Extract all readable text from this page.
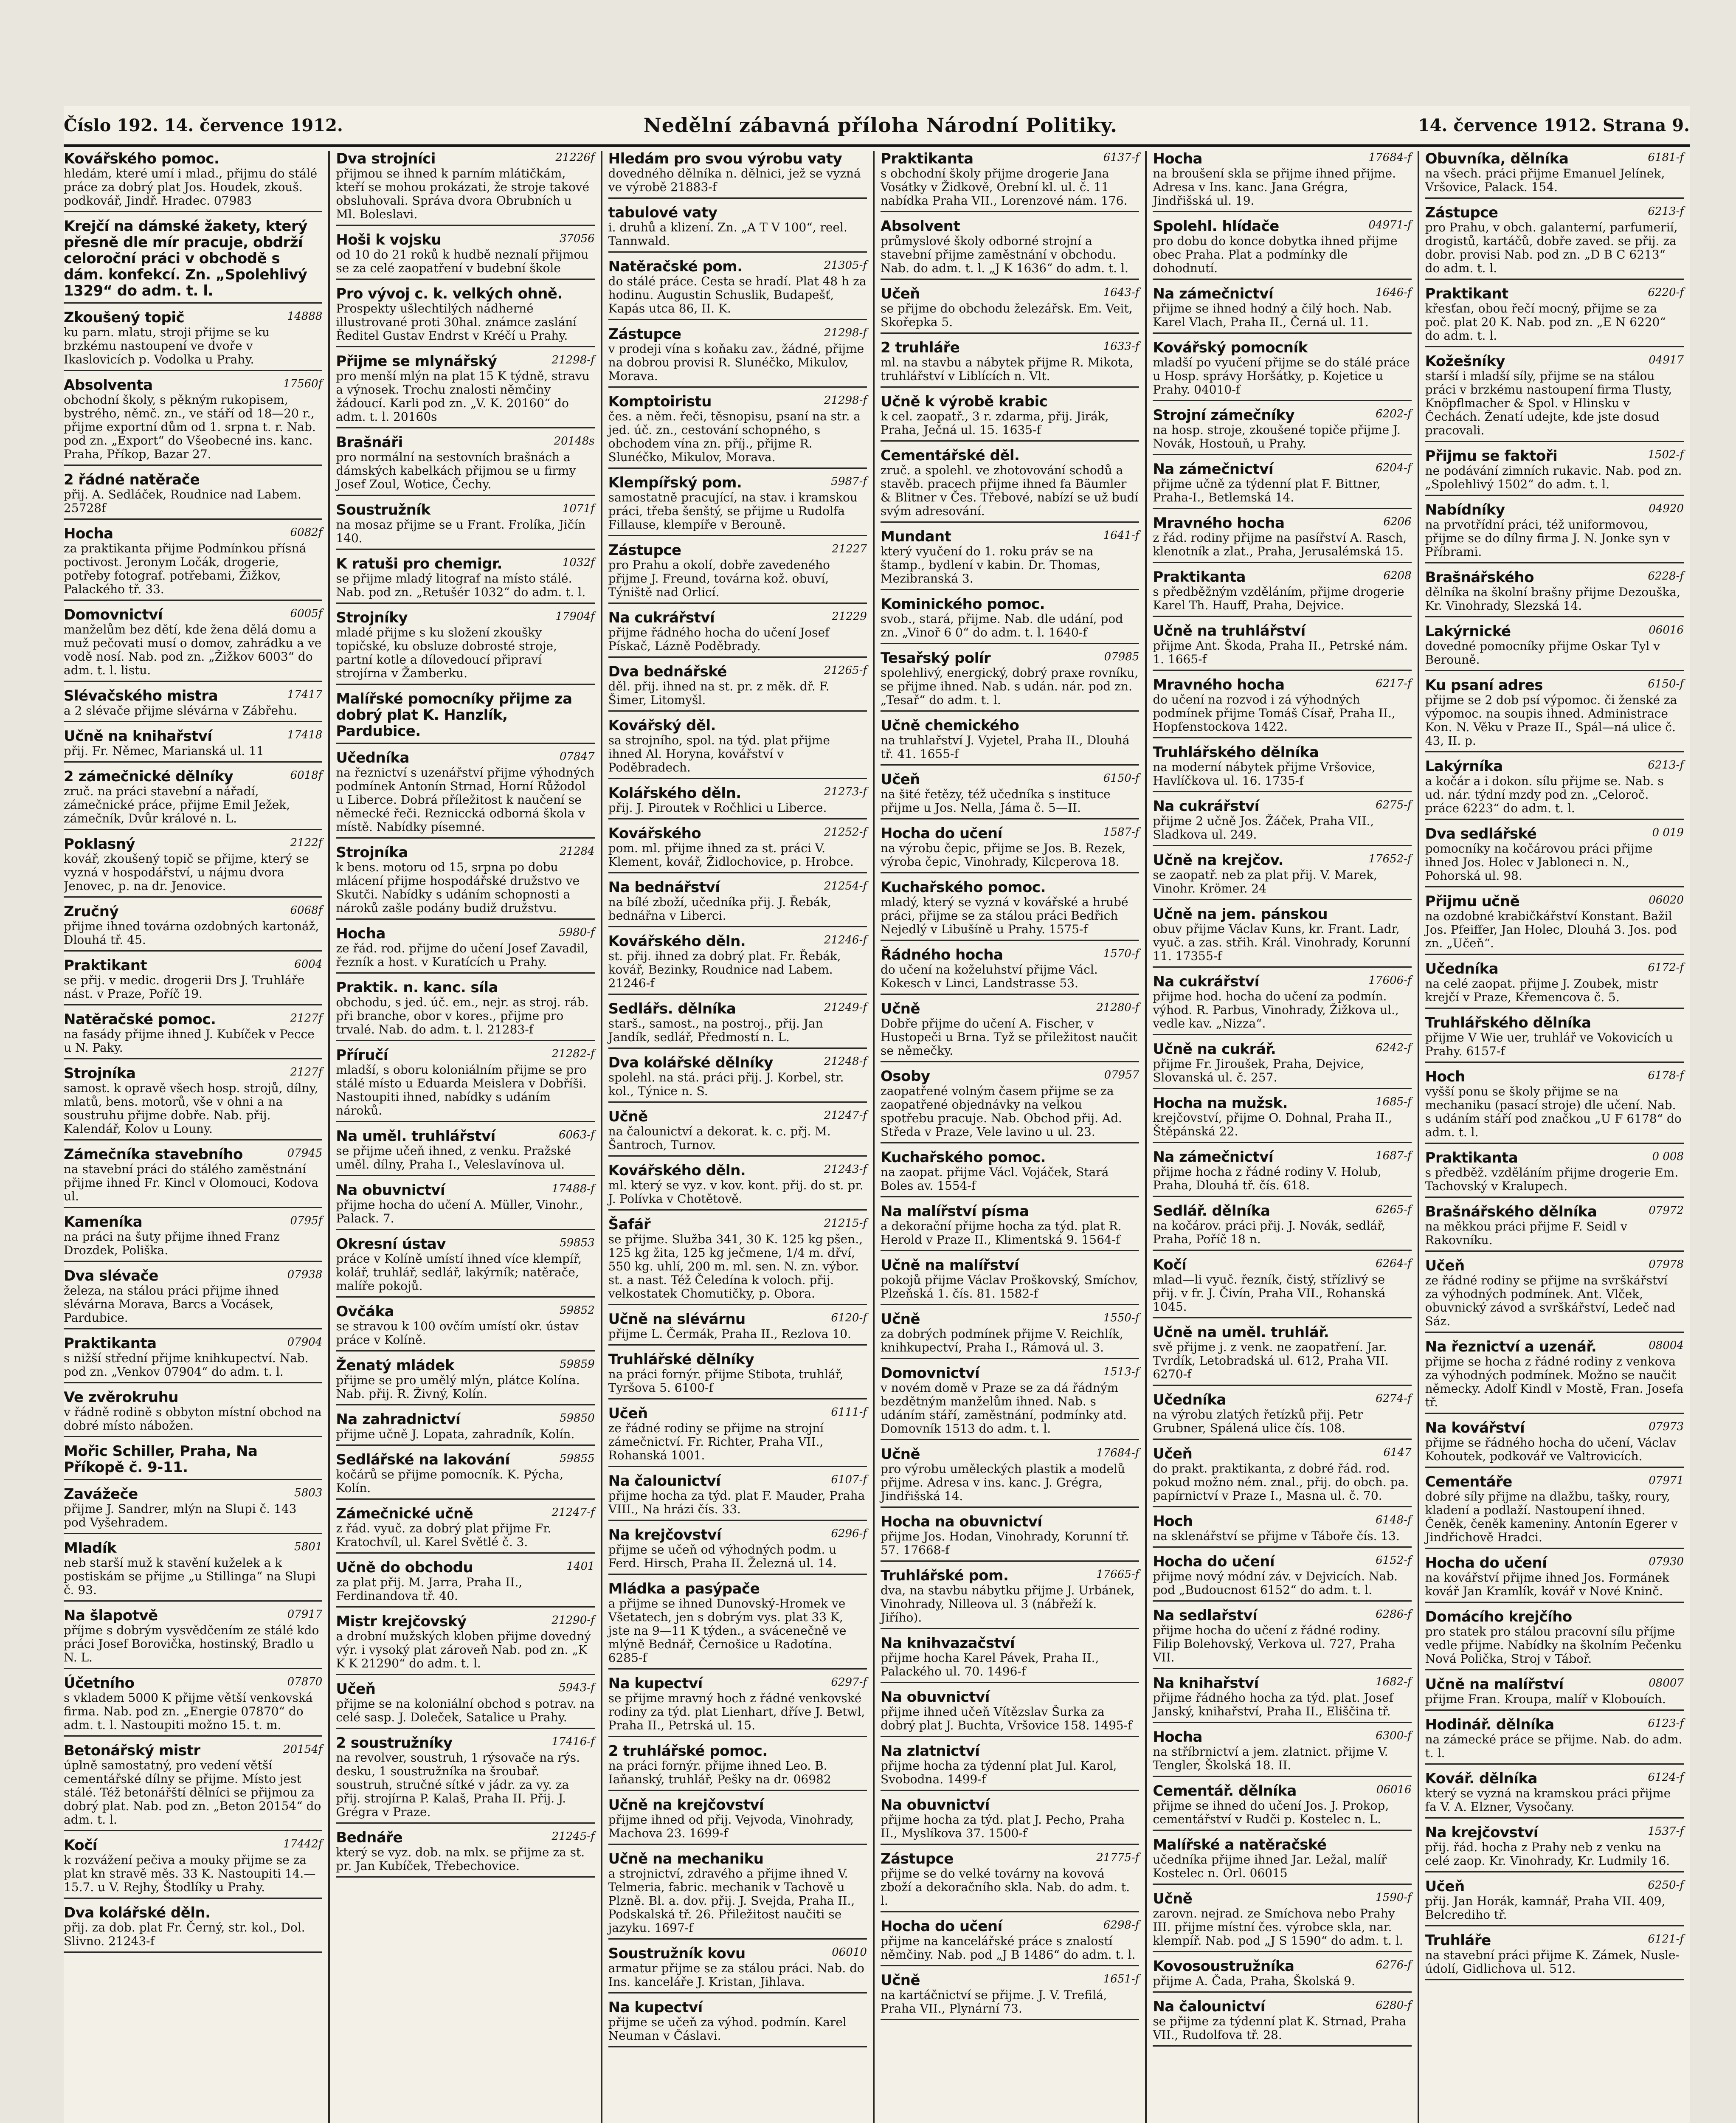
Číslo 192. 14. července 1912.	Nedělní zábavná příloha Národní Politiky.	14. července 1912. Strana 9.
Kovářského pomoc.
hledám, které umí i mlad., přijmu do stálé práce za dobrý plat Jos. Houdek, zkouš. podkovář, Jindř. Hradec. 07983
Krejčí na dámské žakety, který přesně dle mír pracuje, obdrží celoroční práci v obchodě s dám. konfekcí. Zn. „Spolehlivý 1329“ do adm. t. l.
14888
Zkoušený topič
ku parn. mlatu, stroji přijme se ku brzkému nastoupení ve dvoře v Ikaslovicích p. Vodolka u Prahy.
17560f
Absolventa
obchodní školy, s pěkným rukopisem, bystrého, němč. zn., ve stáří od 18—20 r., přijme exportní dům od 1. srpna t. r. Nab. pod zn. „Export“ do Všeobecné ins. kanc. Praha, Příkop, Bazar 27.
2 řádné natěrače
přij. A. Sedláček, Roudnice nad Labem. 25728f
6082f
Hocha
za praktikanta přijme Podmínkou přísná poctivost. Jeronym Ločák, drogerie, potřeby fotograf. potřebami, Žižkov, Palackého tř. 33.
6005f
Domovnictví
manželům bez dětí, kde žena dělá domu a muž pečovati musí o domov, zahrádku a ve vodě nosí. Nab. pod zn. „Žižkov 6003“ do adm. t. l. listu.
17417
Slévačského mistra
a 2 slévače přijme slévárna v Zábřehu.
17418
Učně na knihařství
přij. Fr. Němec, Marianská ul. 11
6018f
2 zámečnické dělníky
zruč. na práci stavební a nářadí, zámečnické práce, přijme Emil Ježek, zámečník, Dvůr králové n. L.
2122f
Poklasný
kovář, zkoušený topič se přijme, který se vyzná v hospodářství, u nájmu dvora Jenovec, p. na dr. Jenovice.
6068f
Zručný
přijme ihned továrna ozdobných kartonáž, Dlouhá tř. 45.
6004
Praktikant
se přij. v medic. drogerii Drs J. Truhláře nást. v Praze, Poříč 19.
2127f
Natěračské pomoc.
na fasády přijme ihned J. Kubíček v Pecce u N. Paky.
2127f
Strojníka
samost. k opravě všech hosp. strojů, dílny, mlatů, bens. motorů, vše v ohni a na soustruhu přijme dobře. Nab. přij. Kalendář, Kolov u Louny.
07945
Zámečníka stavebního
na stavební práci do stálého zaměstnání přijme ihned Fr. Kincl v Olomouci, Kodova ul.
0795f
Kameníka
na práci na šuty přijme ihned Franz Drozdek, Poliška.
07938
Dva slévače
železa, na stálou práci přijme ihned slévárna Morava, Barcs a Vocásek, Pardubice.
07904
Praktikanta
s nižší střední přijme knihkupectví. Nab. pod zn. „Venkov 07904“ do adm. t. l.
Ve zvěrokruhu
v řádně rodině s obbyton místní obchod na dobré místo nábožen.
Mořic Schiller, Praha, Na Příkopě č. 9-11.
5803
Zavážeče
přijme J. Sandrer, mlýn na Slupi č. 143 pod Vyšehradem.
5801
Mladík
neb starší muž k stavění kuželek a k postiskám se přijme „u Stillinga“ na Slupi č. 93.
07917
Na šlapotvě
příjme s dobrým vysvědčením ze stálé kdo práci Josef Borovička, hostinský, Bradlo u N. L.
07870
Účetního
s vkladem 5000 K přijme větší venkovská firma. Nab. pod zn. „Energie 07870“ do adm. t. l. Nastoupiti možno 15. t. m.
20154f
Betonářský mistr
úplně samostatný, pro vedení větší cementářské dílny se přijme. Místo jest stálé. Též betonářští dělníci se přijmou za dobrý plat. Nab. pod zn. „Beton 20154“ do adm. t. l.
17442f
Kočí
k rozvážení pečiva a mouky přijme se za plat kn stravě měs. 33 K. Nastoupiti 14.—15.7. u V. Rejhy, Štodlíky u Prahy.
Dva kolářské děln.
přij. za dob. plat Fr. Černý, str. kol., Dol. Slivno. 21243-f
21226f
Dva strojníci
přijmou se ihned k parním mlátičkám, kteří se mohou prokázati, že stroje takové obsluhovali. Správa dvora Obrubních u Ml. Boleslavi.
37056
Hoši k vojsku
od 10 do 21 roků k hudbě neznalí přijmou se za celé zaopatření v budební škole
Pro vývoj c. k. velkých ohně.
Prospekty ušlechtilých nádherné illustrované proti 30hal. známce zaslání Ředitel Gustav Endrst v Kréčí u Prahy.
21298-f
Přijme se mlynářský
pro menší mlýn na plat 15 K týdně, stravu a výnosek. Trochu znalosti němčiny žádoucí. Karli pod zn. „V. K. 20160“ do adm. t. l. 20160s
20148s
Brašnáři
pro normální na sestovních brašnách a dámských kabelkách přijmou se u firmy Josef Zoul, Wotice, Čechy.
1071f
Soustružník
na mosaz přijme se u Frant. Frolíka, Jičín 140.
1032f
K ratuši pro chemigr.
se přijme mladý litograf na místo stálé. Nab. pod zn. „Retušér 1032“ do adm. t. l.
17904f
Strojníky
mladé přijme s ku složení zkoušky topičské, ku obsluze dobrosté stroje, partní kotle a dílovedoucí připraví strojírna v Žamberku.
Malířské pomocníky přijme za dobrý plat K. Hanzlík, Pardubice.
07847
Učedníka
na řeznictví s uzenářství přijme výhodných podmínek Antonín Strnad, Horní Růžodol u Liberce. Dobrá příležitost k naučení se německé řeči. Rezniccká odborná škola v místě. Nabídky písemné.
21284
Strojníka
k bens. motoru od 15, srpna po dobu mlácení přijme hospodářské družstvo ve Skutči. Nabídky s udáním schopnosti a nároků zašle podány budiž družstvu.
5980-f
Hocha
ze řád. rod. přijme do učení Josef Zavadil, řezník a host. v Kuratících u Prahy.
Praktik. n. kanc. síla
obchodu, s jed. úč. em., nejr. as stroj. ráb. při branche, obor v kores., přijme pro trvalé. Nab. do adm. t. l. 21283-f
21282-f
Příručí
mladší, s oboru koloniálním přijme se pro stálé místo u Eduarda Meislera v Dobříši. Nastoupiti ihned, nabídky s udáním nároků.
6063-f
Na uměl. truhlářství
se přijme učeň ihned, z venku. Pražské uměl. dílny, Praha I., Veleslavínova ul.
17488-f
Na obuvnictví
přijme hocha do učení A. Müller, Vinohr., Palack. 7.
59853
Okresní ústav
práce v Kolíně umístí ihned více klempíř, kolář, truhlář, sedlář, lakýrník; natěrače, malíře pokojů.
59852
Ovčáka
se stravou k 100 ovčím umístí okr. ústav práce v Kolíně.
59859
Ženatý mládek
přijme se pro umělý mlýn, plátce Kolína. Nab. přij. R. Živný, Kolín.
59850
Na zahradnictví
přijme učně J. Lopata, zahradník, Kolín.
59855
Sedlářské na lakování
kočárů se přijme pomocník. K. Pýcha, Kolín.
21247-f
Zámečnické učně
z řád. vyuč. za dobrý plat přijme Fr. Kratochvíl, ul. Karel Světlé č. 3.
1401
Učně do obchodu
za plat přij. M. Jarra, Praha II., Ferdinandova tř. 40.
21290-f
Mistr krejčovský
a drobní mužských kloben přijme dovedný výr. i vysoký plat zároveň Nab. pod zn. „K K K 21290“ do adm. t. l.
5943-f
Učeň
přijme se na koloniální obchod s potrav. na celé sasp. J. Doleček, Satalice u Prahy.
17416-f
2 soustružníky
na revolver, soustruh, 1 rýsovače na rýs. desku, 1 soustružníka na šroubař. soustruh, stručné sítké v jádr. za vy. za přij. strojírna P. Kalaš, Praha II. Přij. J. Grégra v Praze.
21245-f
Bednáře
který se vyz. dob. na mlx. se přijme za st. pr. Jan Kubíček, Třebechovice.
Hledám pro svou výrobu vaty
dovedného dělníka n. dělnici, jež se vyzná ve výrobě 21883-f
tabulové vaty
i. druhů a klizení. Zn. „A T V 100“, reel. Tannwald.
21305-f
Natěračské pom.
do stálé práce. Cesta se hradí. Plat 48 h za hodinu. Augustin Schuslik, Budapešť, Kapás utca 86, II. K.
21298-f
Zástupce
v prodeji vína s koňaku zav., žádné, přijme na dobrou provisi R. Slunéčko, Mikulov, Morava.
21298-f
Komptoiristu
čes. a něm. řeči, těsnopisu, psaní na str. a jed. úč. zn., cestování schopného, s obchodem vína zn. příj., přijme R. Slunéčko, Mikulov, Morava.
5987-f
Klempířský pom.
samostatně pracující, na stav. i kramskou práci, třeba šenštý, se přijme u Rudolfa Fillause, klempíře v Berouně.
21227
Zástupce
pro Prahu a okolí, dobře zavedeného přijme J. Freund, továrna kož. obuví, Týniště nad Orlicí.
21229
Na cukrářství
přijme řádného hocha do učení Josef Pískač, Lázně Poděbrady.
21265-f
Dva bednářské
děl. přij. ihned na st. pr. z měk. dř. F. Šimer, Litomyšl.
Kovářský děl.
sa strojního, spol. na týd. plat přijme ihned Al. Horyna, kovářství v Poděbradech.
21273-f
Kolářského děln.
přij. J. Piroutek v Ročhlici u Liberce.
21252-f
Kovářského
pom. ml. přijme ihned za st. práci V. Klement, kovář, Židlochovice, p. Hrobce.
21254-f
Na bednářství
na bílé zboží, učedníka přij. J. Řebák, bednářna v Liberci.
21246-f
Kovářského děln.
st. přij. ihned za dobrý plat. Fr. Řebák, kovář, Bezinky, Roudnice nad Labem. 21246-f
21249-f
Sedlářs. dělníka
starš., samost., na postroj., přij. Jan Jandík, sedlář, Předmostí n. L.
21248-f
Dva kolářské dělníky
spolehl. na stá. práci přij. J. Korbel, str. kol., Týnice n. S.
21247-f
Učně
na čalounictví a dekorat. k. c. přj. M. Šantroch, Turnov.
21243-f
Kovářského děln.
ml. který se vyz. v kov. kont. přij. do st. pr. J. Polívka v Chotětově.
21215-f
Šafář
se přijme. Služba 341, 30 K. 125 kg pšen., 125 kg žita, 125 kg ječmene, 1/4 m. dřví, 550 kg. uhlí, 200 m. ml. sen. N. zn. výbor. st. a nast. Též Čeledína k voloch. přij. velkostatek Chomutičky, p. Obora.
6120-f
Učně na slévárnu
přijme L. Čermák, Praha II., Rezlova 10.
Truhlářské dělníky
na práci fornýr. přijme Stibota, truhlář, Tyršova 5. 6100-f
6111-f
Učeň
ze řádné rodiny se přijme na strojní zámečnictví. Fr. Richter, Praha VII., Rohanská 1001.
6107-f
Na čalounictví
přijme hocha za týd. plat F. Mauder, Praha VIII., Na hrázi čís. 33.
6296-f
Na krejčovství
přijme se učeň od výhodných podm. u Ferd. Hirsch, Praha II. Železná ul. 14.
Mládka a pasýpače
a přijme se ihned Dunovský-Hromek ve Všetatech, jen s dobrým vys. plat 33 K, jste na 9—11 K týden., a svácenečně ve mlýně Bednář, Černošice u Radotína. 6285-f
6297-f
Na kupectví
se přijme mravný hoch z řádné venkovské rodiny za týd. plat Lienhart, dříve J. Betwl, Praha II., Petrská ul. 15.
2 truhlářské pomoc.
na práci fornýr. přijme ihned Leo. B. Iaňanský, truhlář, Pešky na dr. 06982
Učně na krejčovství
přijme ihned od přij. Vejvoda, Vinohrady, Machova 23. 1699-f
Učně na mechaniku
a strojnictví, zdravého a přijme ihned V. Telmeria, fabric. mechanik v Tachově u Plzně. Bl. a. dov. přij. J. Svejda, Praha II., Podskalská tř. 26. Přiležitost naučiti se jazyku. 1697-f
06010
Soustružník kovu
armatur přijme se za stálou práci. Nab. do Ins. kanceláře J. Kristan, Jihlava.
Na kupectví
přijme se učeň za výhod. podmín. Karel Neuman v Čáslavi.
6137-f
Praktikanta
s obchodní školy přijme drogerie Jana Vosátky v Židkově, Orební kl. ul. č. 11 nabídka Praha VII., Lorenzové nám. 176.
Absolvent
průmyslové školy odborné strojní a stavební přijme zaměstnání v obchodu. Nab. do adm. t. l. „J K 1636“ do adm. t. l.
1643-f
Učeň
se přijme do obchodu železářsk. Em. Veit, Skořepka 5.
1633-f
2 truhláře
ml. na stavbu a nábytek přijme R. Mikota, truhlářství v Liblících n. Vlt.
Učně k výrobě krabic
k cel. zaopatř., 3 r. zdarma, přij. Jirák, Praha, Ječná ul. 15. 1635-f
Cementářské děl.
zruč. a spolehl. ve zhotovování schodů a stavěb. pracech přijme ihned fa Bäumler & Blitner v Čes. Třebové, nabízí se už budí svým adresování.
1641-f
Mundant
který vyučení do 1. roku práv se na štamp., bydlení v kabin. Dr. Thomas, Mezibranská 3.
Kominického pomoc.
svob., stará, přijme. Nab. dle udání, pod zn. „Vinoř 6 0“ do adm. t. l. 1640-f
07985
Tesařský polír
spolehlivý, energický, dobrý praxe rovníku, se přijme ihned. Nab. s udán. nár. pod zn. „Tesař“ do adm. t. l.
Učně chemického
na truhlařství J. Vyjetel, Praha II., Dlouhá tř. 41. 1655-f
6150-f
Učeň
na šité řetězy, též učedníka s instituce přijme u Jos. Nella, Jáma č. 5—II.
1587-f
Hocha do učení
na výrobu čepic, přijme se Jos. B. Rezek, výroba čepic, Vinohrady, Kilcperova 18.
Kuchařského pomoc.
mladý, který se vyzná v kovářské a hrubé práci, přijme se za stálou práci Bedřich Nejedlý v Libušíně u Prahy. 1575-f
1570-f
Řádného hocha
do učení na koželuhství přijme Václ. Kokesch v Linci, Landstrasse 53.
21280-f
Učně
Dobře přijme do učení A. Fischer, v Hustopeči u Brna. Tyž se přiležitost naučit se němečky.
07957
Osoby
zaopatřené volným časem přijme se za zaopatřené objednávky na velkou spotřebu pracuje. Nab. Obchod přij. Ad. Středa v Praze, Vele lavino u ul. 23.
Kuchařského pomoc.
na zaopat. přijme Václ. Vojáček, Stará Boles av. 1554-f
Na malířství písma
a dekorační přijme hocha za týd. plat R. Herold v Praze II., Klimentská 9. 1564-f
Učně na malířství
pokojů přijme Václav Proškovský, Smíchov, Plzeňská 1. čís. 81. 1582-f
1550-f
Učně
za dobrých podmínek přijme V. Reichlík, knihkupectví, Praha I., Rámová ul. 3.
1513-f
Domovnictví
v novém domě v Praze se za dá řádným bezdětným manželům ihned. Nab. s udáním stáří, zaměstnání, podmínky atd. Domovník 1513 do adm. t. l.
17684-f
Učně
pro výrobu uměleckých plastik a modelů přijme. Adresa v ins. kanc. J. Grégra, Jindřišská 14.
Hocha na obuvnictví
přijme Jos. Hodan, Vinohrady, Korunní tř. 57. 17668-f
17665-f
Truhlářské pom.
dva, na stavbu nábytku přijme J. Urbánek, Vinohrady, Nilleova ul. 3 (nábřeží k. Jiřího).
Na knihvazačství
přijme hocha Karel Pávek, Praha II., Palackého ul. 70. 1496-f
Na obuvnictví
přijme ihned učeň Vítězslav Šurka za dobrý plat J. Buchta, Vršovice 158. 1495-f
Na zlatnictví
přijme hocha za týdenní plat Jul. Karol, Svobodna. 1499-f
Na obuvnictví
přijme hocha za týd. plat J. Pecho, Praha II., Myslíkova 37. 1500-f
21775-f
Zástupce
přijme se do velké továrny na kovová zboží a dekoračního skla. Nab. do adm. t. l.
6298-f
Hocha do učení
přijme na kancelářské práce s znalostí němčiny. Nab. pod „J B 1486“ do adm. t. l.
1651-f
Učně
na kartáčnictví se přijme. J. V. Trefilá, Praha VII., Plynární 73.
17684-f
Hocha
na broušení skla se přijme ihned přijme. Adresa v Ins. kanc. Jana Grégra, Jindřišská ul. 19.
04971-f
Spolehl. hlídače
pro dobu do konce dobytka ihned přijme obec Praha. Plat a podmínky dle dohodnutí.
1646-f
Na zámečnictví
přijme se ihned hodný a čilý hoch. Nab. Karel Vlach, Praha II., Černá ul. 11.
Kovářský pomocník
mladší po vyučení přijme se do stálé práce u Hosp. správy Horšátky, p. Kojetice u Prahy. 04010-f
6202-f
Strojní zámečníky
na hosp. stroje, zkoušené topiče přijme J. Novák, Hostouň, u Prahy.
6204-f
Na zámečnictví
přijme učně za týdenní plat F. Bittner, Praha-I., Betlemská 14.
6206
Mravného hocha
z řád. rodiny přijme na pasířství A. Rasch, klenotník a zlat., Praha, Jerusalémská 15.
6208
Praktikanta
s předběžným vzděláním, přijme drogerie Karel Th. Hauff, Praha, Dejvice.
Učně na truhlářství
přijme Ant. Škoda, Praha II., Petrské nám. 1. 1665-f
6217-f
Mravného hocha
do učení na rozvod i zá výhodných podmínek přijme Tomáš Císař, Praha II., Hopfenstockova 1422.
Truhlářského dělníka
na moderní nábytek přijme Vršovice, Havlíčkova ul. 16. 1735-f
6275-f
Na cukrářství
přijme 2 učně Jos. Žáček, Praha VII., Sladkova ul. 249.
17652-f
Učně na krejčov.
se zaopatř. neb za plat přij. V. Marek, Vinohr. Krömer. 24
Učně na jem. pánskou
obuv přijme Václav Kuns, kr. Frant. Ladr, vyuč. a zas. střih. Král. Vinohrady, Korunní 11. 17355-f
17606-f
Na cukrářství
přijme hod. hocha do učení za podmín. výhod. R. Parbus, Vinohrady, Žižkova ul., vedle kav. „Nizza“.
6242-f
Učně na cukrář.
přijme Fr. Jiroušek, Praha, Dejvice, Slovanská ul. č. 257.
1685-f
Hocha na mužsk.
krejčovství, přijme O. Dohnal, Praha II., Štěpánská 22.
1687-f
Na zámečnictví
přijme hocha z řádné rodiny V. Holub, Praha, Dlouhá tř. čís. 618.
6265-f
Sedlář. dělníka
na kočárov. práci přij. J. Novák, sedlář, Praha, Poříč 18 n.
6264-f
Kočí
mlad—li vyuč. řezník, čistý, střízlivý se přij. v fr. J. Čivín, Praha VII., Rohanská 1045.
Učně na uměl. truhlář.
svě přijme j. z venk. ne zaopatření. Jar. Tvrdík, Letobradská ul. 612, Praha VII. 6270-f
6274-f
Učedníka
na výrobu zlatých řetízků přij. Petr Grubner, Spálená ulice čís. 108.
6147
Učeň
do prakt. praktikanta, z dobré řád. rod. pokud možno ném. znal., přij. do obch. pa. papírnictví v Praze I., Masna ul. č. 70.
6148-f
Hoch
na sklenářství se přijme v Táboře čís. 13.
6152-f
Hocha do učení
přijme nový módní záv. v Dejvicích. Nab. pod „Budoucnost 6152“ do adm. t. l.
6286-f
Na sedlařství
přijme hocha do učení z řádné rodiny. Filip Bolehovský, Verkova ul. 727, Praha VII.
1682-f
Na knihařství
přijme řádného hocha za týd. plat. Josef Janský, knihařství, Praha II., Eliščina tř.
6300-f
Hocha
na stříbrnictví a jem. zlatnict. přijme V. Tengler, Školská 18. II.
06016
Cementář. dělníka
přijme se ihned do učení Jos. J. Prokop, cementářství v Rudči p. Kostelec n. L.
Malířské a natěračské
učedníka přijme ihned Jar. Ležal, malíř Kostelec n. Orl. 06015
1590-f
Učně
zarovn. nejrad. ze Smíchova nebo Prahy III. přijme místní čes. výrobce skla, nar. klempíř. Nab. pod „J S 1590“ do adm. t. l.
6276-f
Kovosoustružníka
přijme A. Čada, Praha, Školská 9.
6280-f
Na čalounictví
se přijme za týdenní plat K. Strnad, Praha VII., Rudolfova tř. 28.
6181-f
Obuvníka, dělníka
na všech. práci přijme Emanuel Jelínek, Vršovice, Palack. 154.
6213-f
Zástupce
pro Prahu, v obch. galanterní, parfumerií, drogistů, kartáčů, dobře zaved. se přij. za dobr. provisi Nab. pod zn. „D B C 6213“ do adm. t. l.
6220-f
Praktikant
křesťan, obou řečí mocný, přijme se za poč. plat 20 K. Nab. pod zn. „E N 6220“ do adm. t. l.
04917
Kožešníky
starší i mladší síly, přijme se na stálou práci v brzkému nastoupení firma Tlusty, Knöpflmacher & Spol. v Hlinsku v Čechách. Ženatí udejte, kde jste dosud pracovali.
1502-f
Přijmu se faktoři
ne podávání zimních rukavic. Nab. pod zn. „Spolehlivý 1502“ do adm. t. l.
04920
Nabídníky
na prvotřídní práci, též uniformovou, přijme se do dílny firma J. N. Jonke syn v Příbrami.
6228-f
Brašnářského
dělníka na školní brašny přijme Dezouška, Kr. Vinohrady, Slezská 14.
06016
Lakýrnické
dovedné pomocníky přijme Oskar Tyl v Berouně.
6150-f
Ku psaní adres
přijme se 2 dob psí výpomoc. či ženské za výpomoc. na soupis ihned. Administrace Kon. N. Věku v Praze II., Spál—ná ulice č. 43, II. p.
6213-f
Lakýrníka
a kočár a i dokon. sílu přijme se. Nab. s ud. nár. týdní mzdy pod zn. „Celoroč. práce 6223“ do adm. t. l.
0 019
Dva sedlářské
pomocníky na kočárovou práci přijme ihned Jos. Holec v Jabloneci n. N., Pohorská ul. 98.
06020
Přijmu učně
na ozdobné krabičkářství Konstant. Bažil Jos. Pfeiffer, Jan Holec, Dlouhá 3. Jos. pod zn. „Učeň“.
6172-f
Učedníka
na celé zaopat. přijme J. Zoubek, mistr krejčí v Praze, Křemencova č. 5.
Truhlářského dělníka
přijme V Wie uer, truhlář ve Vokovicích u Prahy. 6157-f
6178-f
Hoch
vyšší ponu se školy přijme se na mechaniku (pasací stroje) dle učení. Nab. s udáním stáří pod značkou „U F 6178“ do adm. t. l.
0 008
Praktikanta
s předběž. vzděláním přijme drogerie Em. Tachovský v Kralupech.
07972
Brašnářského dělníka
na měkkou práci přijme F. Seidl v Rakovníku.
07978
Učeň
ze řádné rodiny se přijme na svrškářství za výhodných podmínek. Ant. Vlček, obuvnický závod a svrškářství, Ledeč nad Sáz.
08004
Na řeznictví a uzenář.
přijme se hocha z řádné rodiny z venkova za výhodných podmínek. Možno se naučit německy. Adolf Kindl v Mostě, Fran. Josefa tř.
07973
Na kovářství
přijme se řádného hocha do učení, Václav Kohoutek, podkovář ve Valtrovicích.
07971
Cementáře
dobré síly přijme na dlažbu, tašky, roury, kladení a podlaží. Nastoupení ihned. Čeněk, čeněk kameniny. Antonín Egerer v Jindřichově Hradci.
07930
Hocha do učení
na kovářství přijme ihned Jos. Formánek kovář Jan Kramlík, kovář v Nové Kninč.
Domácího krejčího
pro statek pro stálou pracovní sílu příjme vedle přijme. Nabídky na školním Pečenku Nová Polička, Stroj v Táboř.
08007
Učně na malířství
přijme Fran. Kroupa, malíř v Klobouích.
6123-f
Hodinář. dělníka
na zámecké práce se přijme. Nab. do adm. t. l.
6124-f
Kovář. dělníka
který se vyzná na kramskou práci přijme fa V. A. Elzner, Vysočany.
1537-f
Na krejčovství
přij. řád. hocha z Prahy neb z venku na celé zaop. Kr. Vinohrady, Kr. Ludmily 16.
6250-f
Učeň
přij. Jan Horák, kamnář, Praha VII. 409, Belcrediho tř.
6121-f
Truhláře
na stavební práci přijme K. Zámek, Nusle-údolí, Gidlichova ul. 512.
